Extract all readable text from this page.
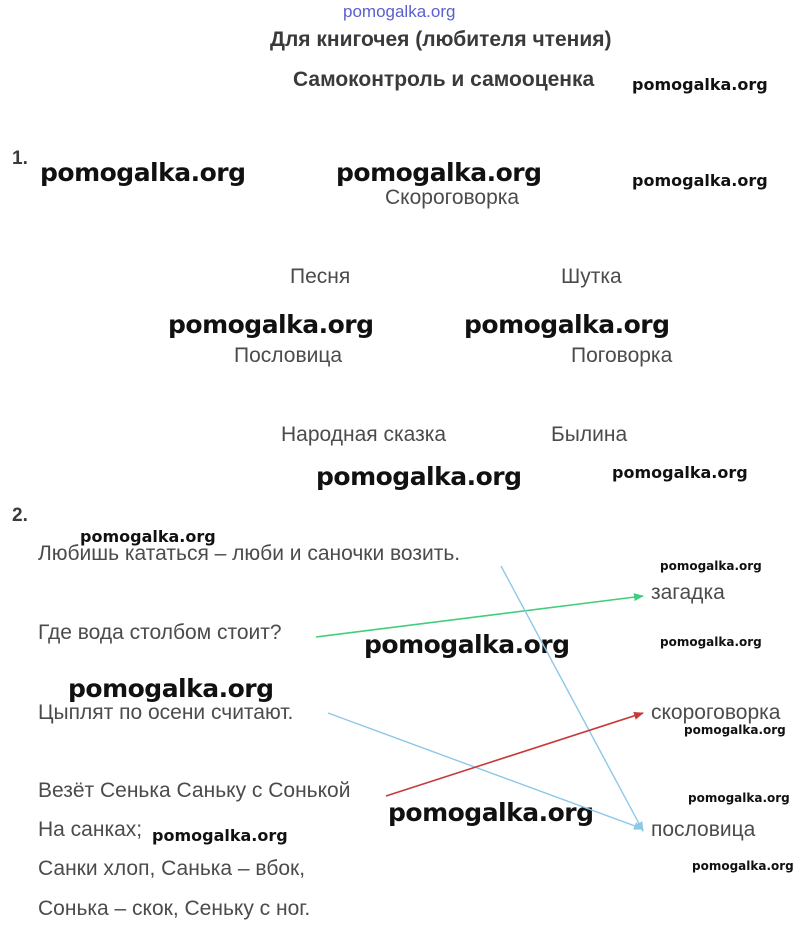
pomogalka.org
Для книгочея (любителя чтения)
Самоконтроль и самооценка pomogalka.org
1. pomogalka.org	pomogalka.org	pomogalka.org
Скороговорка
Песня	Шутка
pomogalka.org	pomogalka.org
Пословица	Поговорка
Народная сказка	Былина
pomogalka.org	pomogalka.org
2.
pomogalka.org
Любишь кататься – люби и саночки возить.
pomogalka.org
загадка
Где вода столбом стоит?	pomogalka.org	pomogalka.org
pomogalka.org
Цыплят по осени считают.	скороговорка
pomogalka.org
Везёт Сенька Саньку с Сонькой	pomogalka.org
pomogalka.org
На санках; pomogalka.org	пословица
pomogalka.org
Санки хлоп, Санька – вбок,
Сонька – скок, Сеньку с ног.
